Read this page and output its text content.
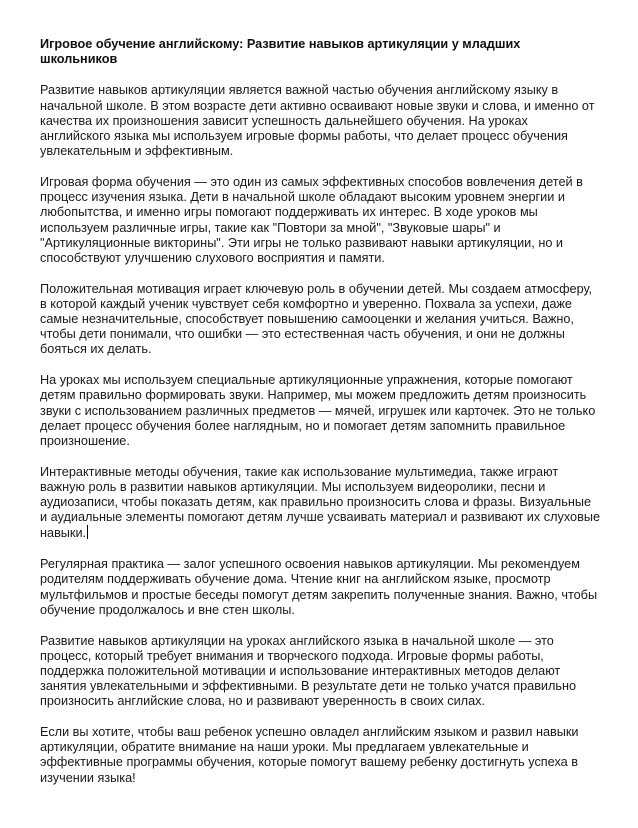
Игровое обучение английскому: Развитие навыков артикуляции у младших школьников

Развитие навыков артикуляции является важной частью обучения английскому языку в начальной школе. В этом возрасте дети активно осваивают новые звуки и слова, и именно от качества их произношения зависит успешность дальнейшего обучения. На уроках английского языка мы используем игровые формы работы, что делает процесс обучения увлекательным и эффективным.

Игровая форма обучения — это один из самых эффективных способов вовлечения детей в процесс изучения языка. Дети в начальной школе обладают высоким уровнем энергии и любопытства, и именно игры помогают поддерживать их интерес. В ходе уроков мы используем различные игры, такие как "Повтори за мной", "Звуковые шары" и "Артикуляционные викторины". Эти игры не только развивают навыки артикуляции, но и способствуют улучшению слухового восприятия и памяти.

Положительная мотивация играет ключевую роль в обучении детей. Мы создаем атмосферу, в которой каждый ученик чувствует себя комфортно и уверенно. Похвала за успехи, даже самые незначительные, способствует повышению самооценки и желания учиться. Важно, чтобы дети понимали, что ошибки — это естественная часть обучения, и они не должны бояться их делать.

На уроках мы используем специальные артикуляционные упражнения, которые помогают детям правильно формировать звуки. Например, мы можем предложить детям произносить звуки с использованием различных предметов — мячей, игрушек или карточек. Это не только делает процесс обучения более наглядным, но и помогает детям запомнить правильное произношение.

Интерактивные методы обучения, такие как использование мультимедиа, также играют важную роль в развитии навыков артикуляции. Мы используем видеоролики, песни и аудиозаписи, чтобы показать детям, как правильно произносить слова и фразы. Визуальные и аудиальные элементы помогают детям лучше усваивать материал и развивают их слуховые навыки.

Регулярная практика — залог успешного освоения навыков артикуляции. Мы рекомендуем родителям поддерживать обучение дома. Чтение книг на английском языке, просмотр мультфильмов и простые беседы помогут детям закрепить полученные знания. Важно, чтобы обучение продолжалось и вне стен школы.

Развитие навыков артикуляции на уроках английского языка в начальной школе — это процесс, который требует внимания и творческого подхода. Игровые формы работы, поддержка положительной мотивации и использование интерактивных методов делают занятия увлекательными и эффективными. В результате дети не только учатся правильно произносить английские слова, но и развивают уверенность в своих силах.

Если вы хотите, чтобы ваш ребенок успешно овладел английским языком и развил навыки артикуляции, обратите внимание на наши уроки. Мы предлагаем увлекательные и эффективные программы обучения, которые помогут вашему ребенку достигнуть успеха в изучении языка!
